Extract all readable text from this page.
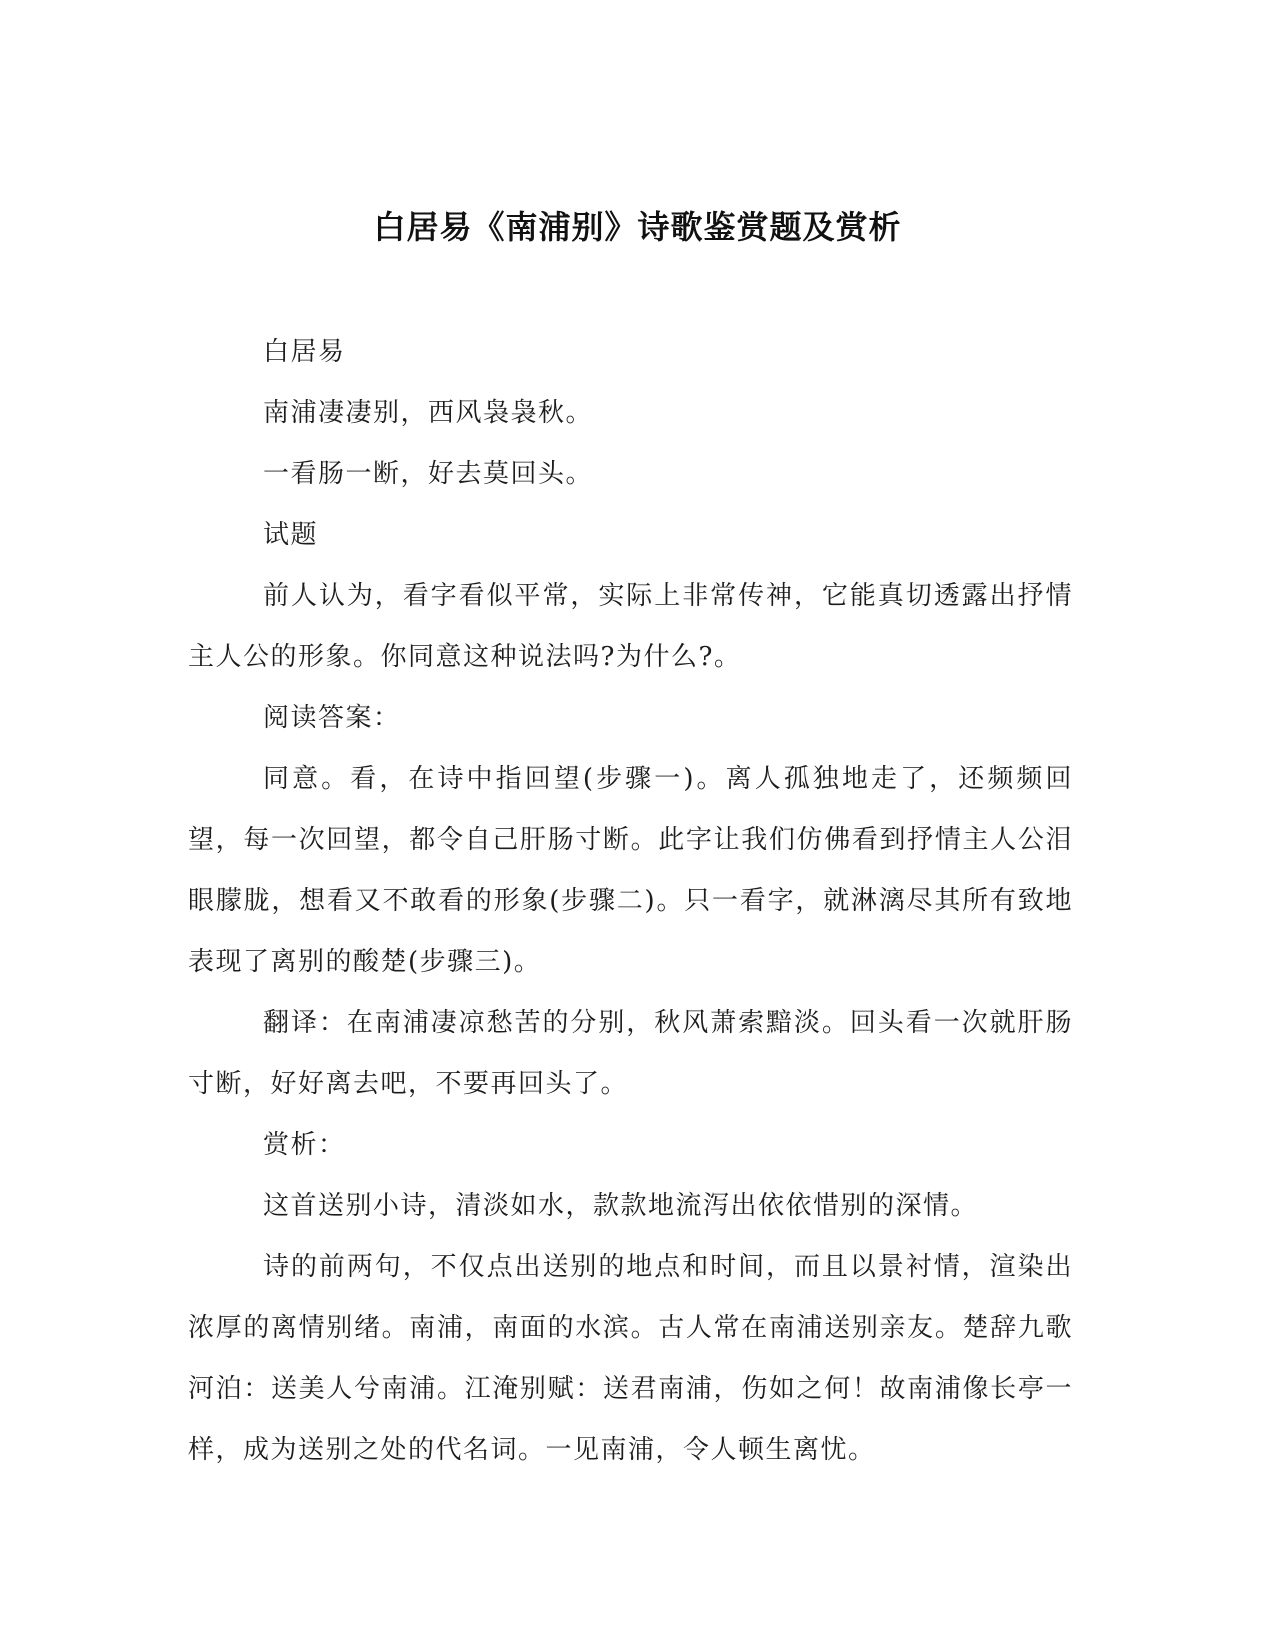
白居易《南浦别》诗歌鉴赏题及赏析

白居易

南浦凄凄别，西风袅袅秋。

一看肠一断，好去莫回头。

试题

前人认为，看字看似平常，实际上非常传神，它能真切透露出抒情主人公的形象。你同意这种说法吗?为什么?。

阅读答案：

同意。看，在诗中指回望(步骤一)。离人孤独地走了，还频频回望，每一次回望，都令自己肝肠寸断。此字让我们仿佛看到抒情主人公泪眼朦胧，想看又不敢看的形象(步骤二)。只一看字，就淋漓尽其所有致地表现了离别的酸楚(步骤三)。

翻译：在南浦凄凉愁苦的分别，秋风萧索黯淡。回头看一次就肝肠寸断，好好离去吧，不要再回头了。

赏析：

这首送别小诗，清淡如水，款款地流泻出依依惜别的深情。

诗的前两句，不仅点出送别的地点和时间，而且以景衬情，渲染出浓厚的离情别绪。南浦，南面的水滨。古人常在南浦送别亲友。楚辞九歌河泊：送美人兮南浦。江淹别赋：送君南浦，伤如之何！故南浦像长亭一样，成为送别之处的代名词。一见南浦，令人顿生离忧。
